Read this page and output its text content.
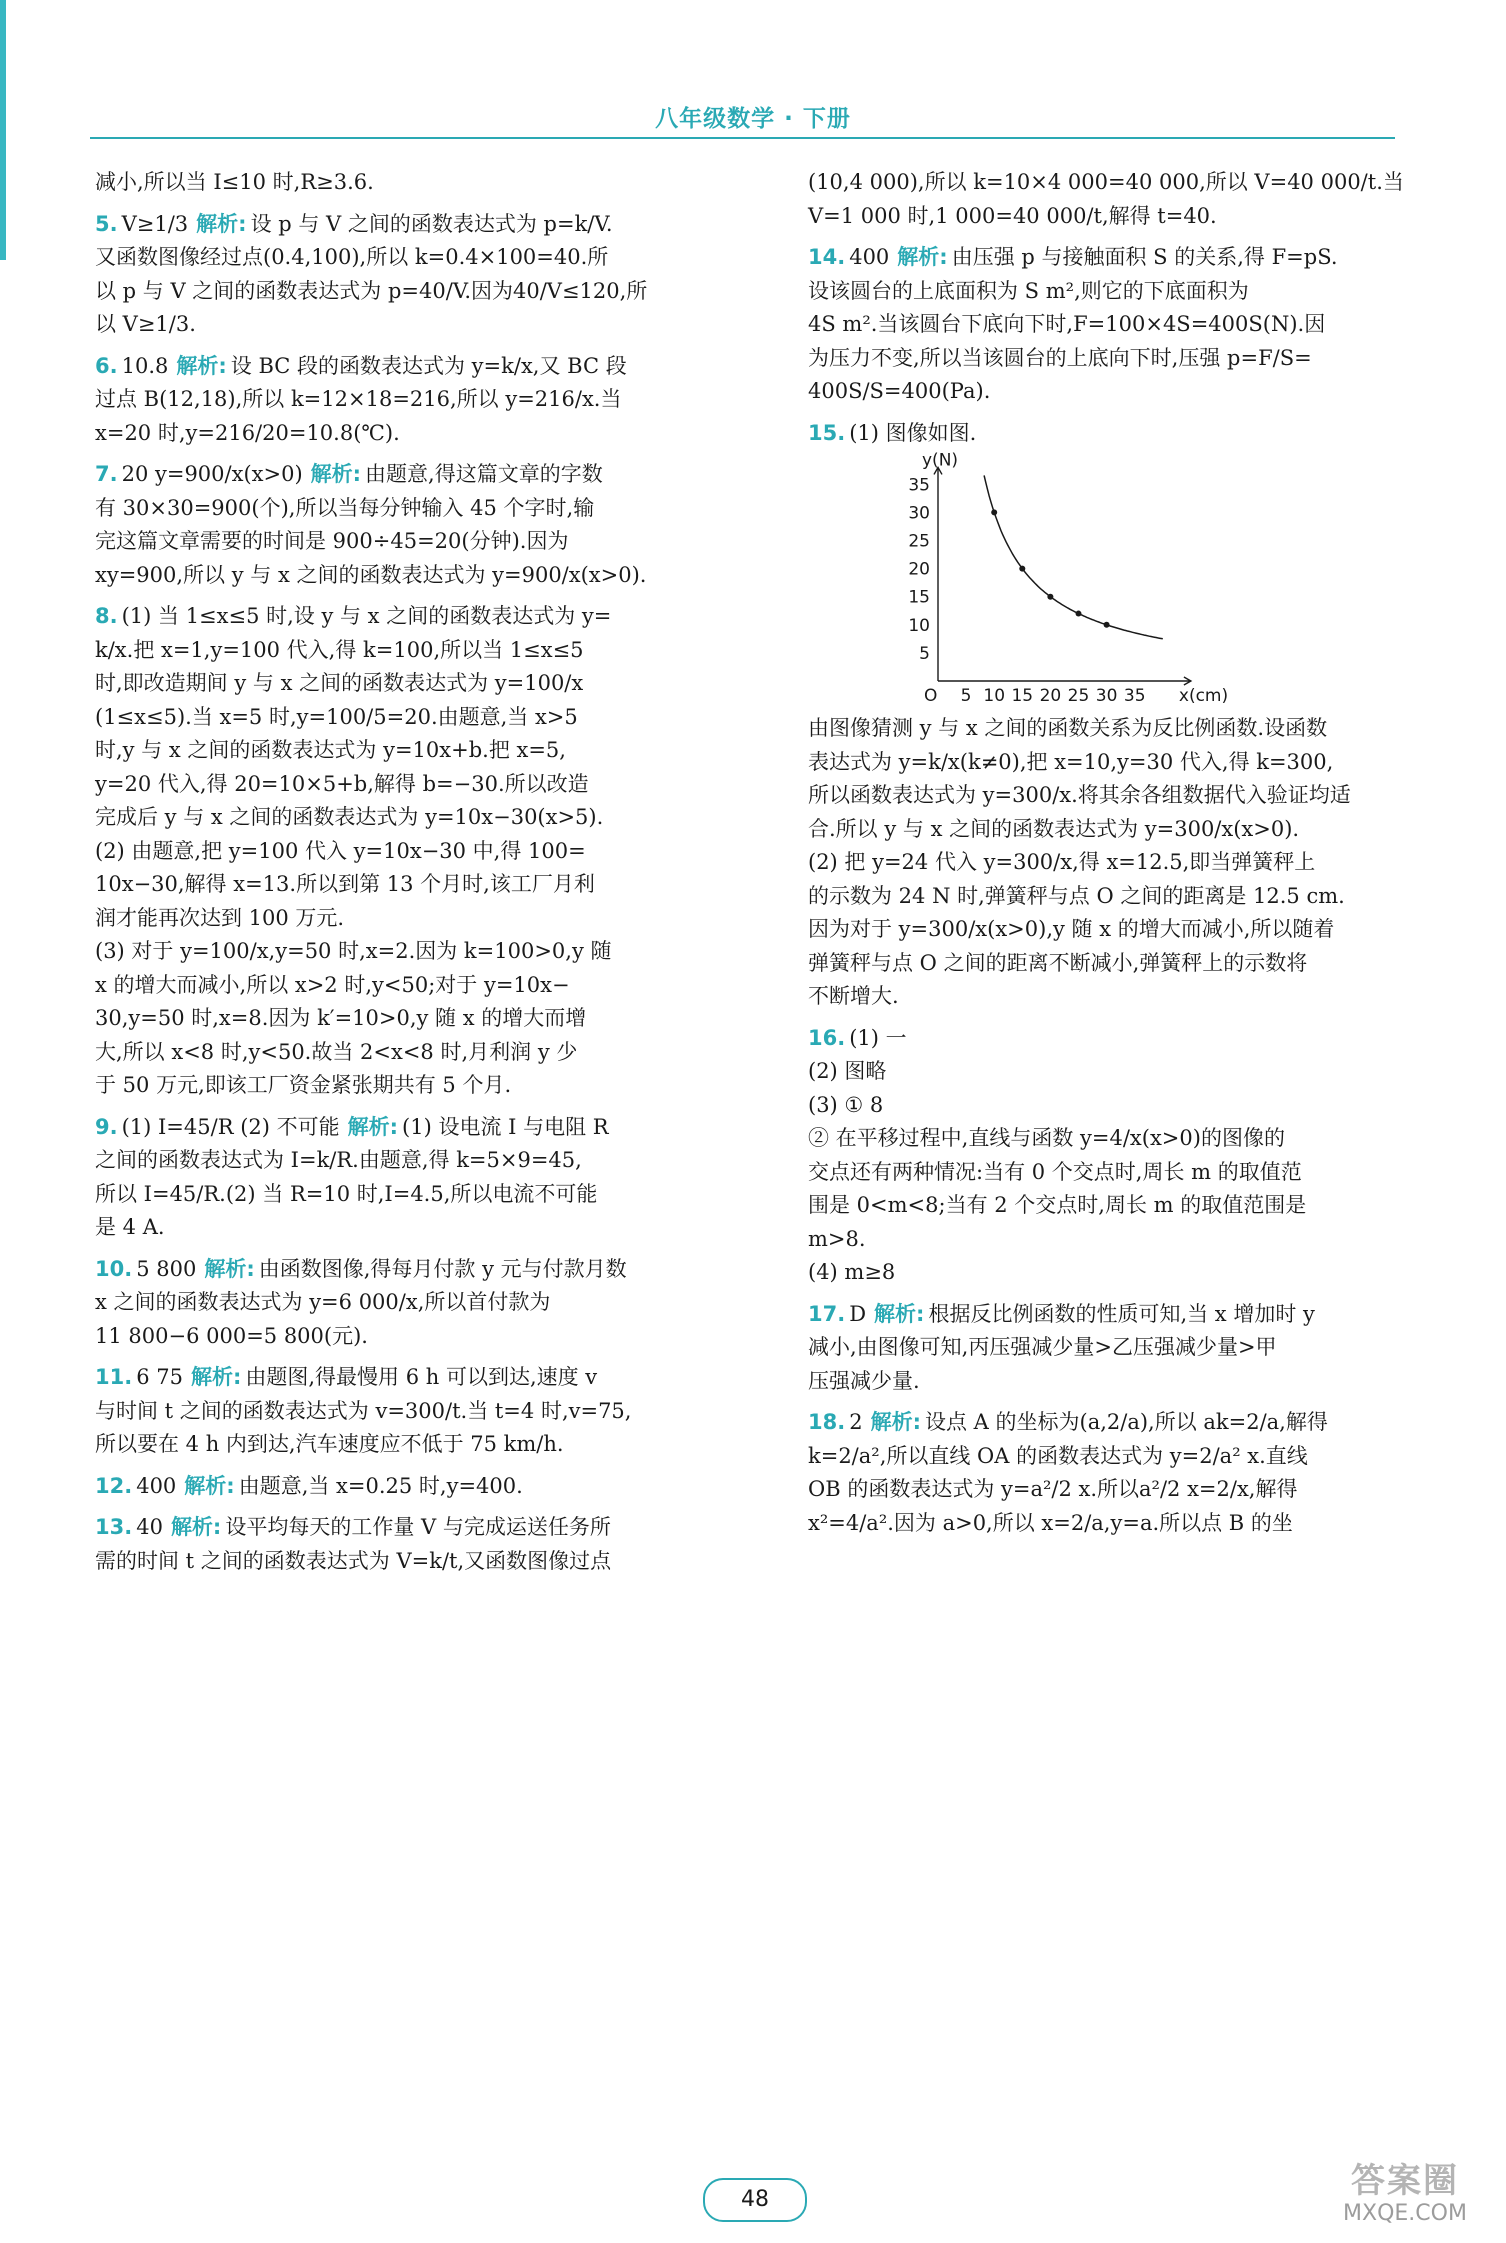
八年级数学 · 下册
减小,所以当 I≤10 时,R≥3.6.
5. V≥1/3 解析: 设 p 与 V 之间的函数表达式为 p=k/V.
又函数图像经过点(0.4,100),所以 k=0.4×100=40.所
以 p 与 V 之间的函数表达式为 p=40/V.因为40/V≤120,所
以 V≥1/3.
6. 10.8 解析: 设 BC 段的函数表达式为 y=k/x,又 BC 段
过点 B(12,18),所以 k=12×18=216,所以 y=216/x.当
x=20 时,y=216/20=10.8(℃).
7. 20 y=900/x(x>0) 解析: 由题意,得这篇文章的字数
有 30×30=900(个),所以当每分钟输入 45 个字时,输
完这篇文章需要的时间是 900÷45=20(分钟).因为
xy=900,所以 y 与 x 之间的函数表达式为 y=900/x(x>0).
8. (1) 当 1≤x≤5 时,设 y 与 x 之间的函数表达式为 y=
k/x.把 x=1,y=100 代入,得 k=100,所以当 1≤x≤5
时,即改造期间 y 与 x 之间的函数表达式为 y=100/x
(1≤x≤5).当 x=5 时,y=100/5=20.由题意,当 x>5
时,y 与 x 之间的函数表达式为 y=10x+b.把 x=5,
y=20 代入,得 20=10×5+b,解得 b=−30.所以改造
完成后 y 与 x 之间的函数表达式为 y=10x−30(x>5).
(2) 由题意,把 y=100 代入 y=10x−30 中,得 100=
10x−30,解得 x=13.所以到第 13 个月时,该工厂月利
润才能再次达到 100 万元.
(3) 对于 y=100/x,y=50 时,x=2.因为 k=100>0,y 随
x 的增大而减小,所以 x>2 时,y<50;对于 y=10x−
30,y=50 时,x=8.因为 k′=10>0,y 随 x 的增大而增
大,所以 x<8 时,y<50.故当 2<x<8 时,月利润 y 少
于 50 万元,即该工厂资金紧张期共有 5 个月.
9. (1) I=45/R (2) 不可能 解析: (1) 设电流 I 与电阻 R
之间的函数表达式为 I=k/R.由题意,得 k=5×9=45,
所以 I=45/R.(2) 当 R=10 时,I=4.5,所以电流不可能
是 4 A.
10. 5 800 解析: 由函数图像,得每月付款 y 元与付款月数
x 之间的函数表达式为 y=6 000/x,所以首付款为
11 800−6 000=5 800(元).
11. 6 75 解析: 由题图,得最慢用 6 h 可以到达,速度 v
与时间 t 之间的函数表达式为 v=300/t.当 t=4 时,v=75,
所以要在 4 h 内到达,汽车速度应不低于 75 km/h.
12. 400 解析: 由题意,当 x=0.25 时,y=400.
13. 40 解析: 设平均每天的工作量 V 与完成运送任务所
需的时间 t 之间的函数表达式为 V=k/t,又函数图像过点
(10,4 000),所以 k=10×4 000=40 000,所以 V=40 000/t.当
V=1 000 时,1 000=40 000/t,解得 t=40.
14. 400 解析: 由压强 p 与接触面积 S 的关系,得 F=pS.
设该圆台的上底面积为 S m²,则它的下底面积为
4S m².当该圆台下底向下时,F=100×4S=400S(N).因
为压力不变,所以当该圆台的上底向下时,压强 p=F/S=
400S/S=400(Pa).
15. (1) 图像如图.
5 10 15 20 25 30 35
5
10
15
20
25
30
35
y(N)
x(cm)
O
由图像猜测 y 与 x 之间的函数关系为反比例函数.设函数
表达式为 y=k/x(k≠0),把 x=10,y=30 代入,得 k=300,
所以函数表达式为 y=300/x.将其余各组数据代入验证均适
合.所以 y 与 x 之间的函数表达式为 y=300/x(x>0).
(2) 把 y=24 代入 y=300/x,得 x=12.5,即当弹簧秤上
的示数为 24 N 时,弹簧秤与点 O 之间的距离是 12.5 cm.
因为对于 y=300/x(x>0),y 随 x 的增大而减小,所以随着
弹簧秤与点 O 之间的距离不断减小,弹簧秤上的示数将
不断增大.
16. (1) 一
(2) 图略
(3) ① 8
② 在平移过程中,直线与函数 y=4/x(x>0)的图像的
交点还有两种情况:当有 0 个交点时,周长 m 的取值范
围是 0<m<8;当有 2 个交点时,周长 m 的取值范围是
m>8.
(4) m≥8
17. D 解析: 根据反比例函数的性质可知,当 x 增加时 y
减小,由图像可知,丙压强减少量>乙压强减少量>甲
压强减少量.
18. 2 解析: 设点 A 的坐标为(a,2/a),所以 ak=2/a,解得
k=2/a²,所以直线 OA 的函数表达式为 y=2/a² x.直线
OB 的函数表达式为 y=a²/2 x.所以a²/2 x=2/x,解得
x²=4/a².因为 a>0,所以 x=2/a,y=a.所以点 B 的坐
48	答案圈
MXQE.COM
